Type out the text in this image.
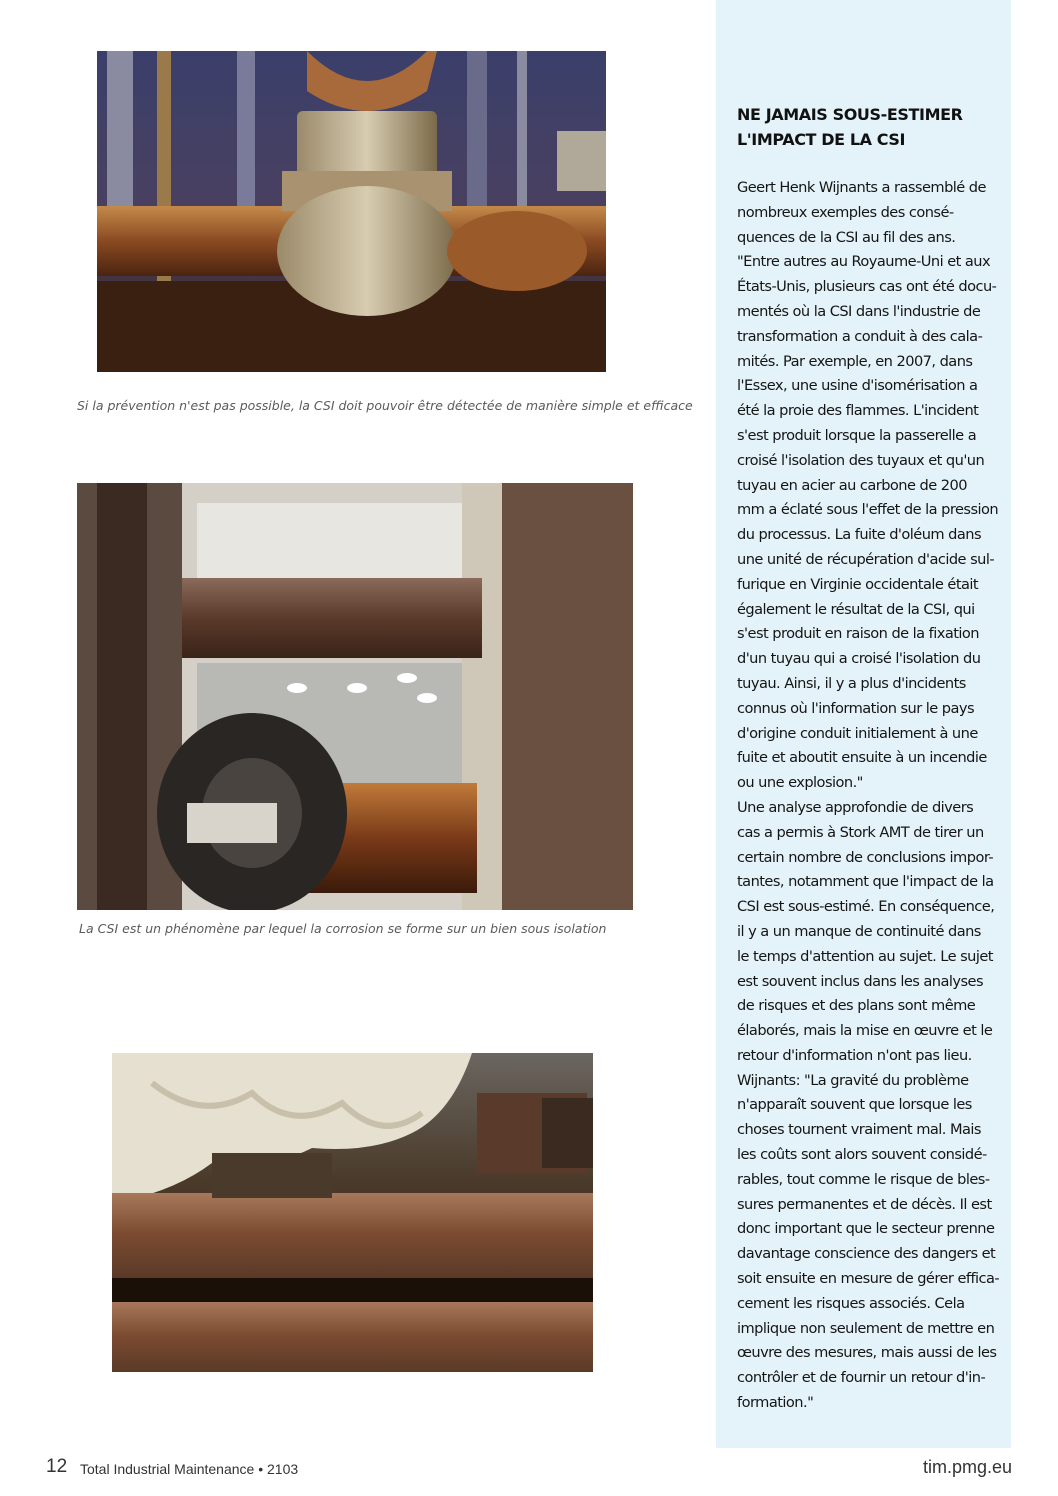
Si la prévention n'est pas possible, la CSI doit pouvoir être détectée de manière simple et efficace
La CSI est un phénomène par lequel la corrosion se forme sur un bien sous isolation
NE JAMAIS SOUS-ESTIMER
L'IMPACT DE LA CSI
Geert Henk Wijnants a rassemblé de
nombreux exemples des consé-
quences de la CSI au fil des ans.
"Entre autres au Royaume-Uni et aux
États-Unis, plusieurs cas ont été docu-
mentés où la CSI dans l'industrie de
transformation a conduit à des cala-
mités. Par exemple, en 2007, dans
l'Essex, une usine d'isomérisation a
été la proie des flammes. L'incident
s'est produit lorsque la passerelle a
croisé l'isolation des tuyaux et qu'un
tuyau en acier au carbone de 200
mm a éclaté sous l'effet de la pression
du processus. La fuite d'oléum dans
une unité de récupération d'acide sul-
furique en Virginie occidentale était
également le résultat de la CSI, qui
s'est produit en raison de la fixation
d'un tuyau qui a croisé l'isolation du
tuyau. Ainsi, il y a plus d'incidents
connus où l'information sur le pays
d'origine conduit initialement à une
fuite et aboutit ensuite à un incendie
ou une explosion."
Une analyse approfondie de divers
cas a permis à Stork AMT de tirer un
certain nombre de conclusions impor-
tantes, notamment que l'impact de la
CSI est sous-estimé. En conséquence,
il y a un manque de continuité dans
le temps d'attention au sujet. Le sujet
est souvent inclus dans les analyses
de risques et des plans sont même
élaborés, mais la mise en œuvre et le
retour d'information n'ont pas lieu.
Wijnants: "La gravité du problème
n'apparaît souvent que lorsque les
choses tournent vraiment mal. Mais
les coûts sont alors souvent considé-
rables, tout comme le risque de bles-
sures permanentes et de décès. Il est
donc important que le secteur prenne
davantage conscience des dangers et
soit ensuite en mesure de gérer effica-
cement les risques associés. Cela
implique non seulement de mettre en
œuvre des mesures, mais aussi de les
contrôler et de fournir un retour d'in-
formation."
12 Total Industrial Maintenance • 2103	tim.pmg.eu
